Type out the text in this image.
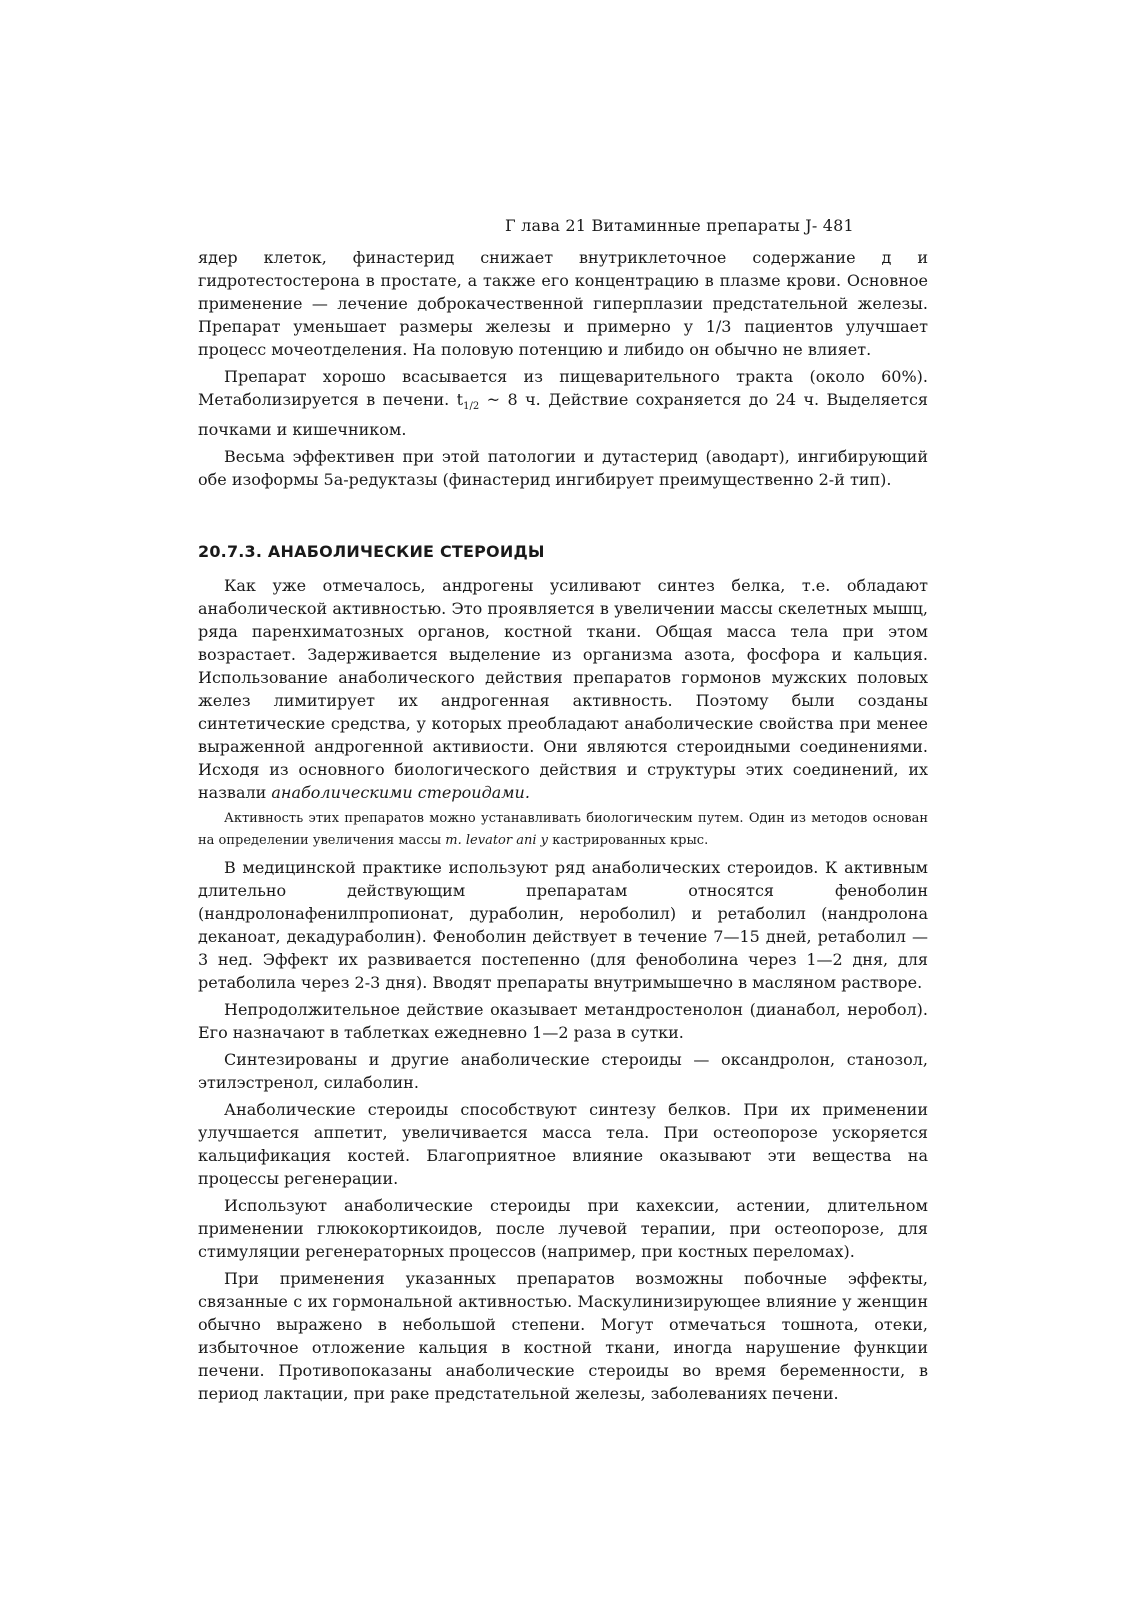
Г лава 21 Витаминные препараты J- 481

ядер клеток, финастерид снижает внутриклеточное содержание д и гидротестостерона в простате, а также его концентрацию в плазме крови. Основное применение — лечение доброкачественной гиперплазии предстательной железы. Препарат уменьшает размеры железы и примерно у 1/3 пациентов улучшает процесс мочеотделения. На половую потенцию и либидо он обычно не влияет.

Препарат хорошо всасывается из пищеварительного тракта (около 60%). Метаболизируется в печени. $t_{1/2}$ ~ 8 ч. Действие сохраняется до 24 ч. Выделяется почками и кишечником.

Весьма эффективен при этой патологии и дутастерид (аводарт), ингибирующий обе изоформы 5а-редуктазы (финастерид ингибирует преимущественно 2-й тип).

20.7.3. АНАБОЛИЧЕСКИЕ СТЕРОИДЫ

Как уже отмечалось, андрогены усиливают синтез белка, т.е. обладают анаболической активностью. Это проявляется в увеличении массы скелетных мышц, ряда паренхиматозных органов, костной ткани. Общая масса тела при этом возрастает. Задерживается выделение из организма азота, фосфора и кальция. Использование анаболического действия препаратов гормонов мужских половых желез лимитирует их андрогенная активность. Поэтому были созданы синтетические средства, у которых преобладают анаболические свойства при менее выраженной андрогенной активиости. Они являются стероидными соединениями. Исходя из основного биологического действия и структуры этих соединений, их назвали анаболическими стероидами.

Активность этих препаратов можно устанавливать биологическим путем. Один из методов основан на определении увеличения массы т. levator ani у кастрированных крыс.

В медицинской практике используют ряд анаболических стероидов. К активным длительно действующим препаратам относятся феноболин (нандролонафенилпропионат, дураболин, нероболил) и ретаболил (нандролона деканоат, декадураболин). Феноболин действует в течение 7—15 дней, ретаболил — 3 нед. Эффект их развивается постепенно (для феноболина через 1—2 дня, для ретаболила через 2-3 дня). Вводят препараты внутримышечно в масляном растворе.

Непродолжительное действие оказывает метандростенолон (дианабол, неробол). Его назначают в таблетках ежедневно 1—2 раза в сутки.

Синтезированы и другие анаболические стероиды — оксандролон, станозол, этилэстренол, силаболин.

Анаболические стероиды способствуют синтезу белков. При их применении улучшается аппетит, увеличивается масса тела. При остеопорозе ускоряется кальцификация костей. Благоприятное влияние оказывают эти вещества на процессы регенерации.

Используют анаболические стероиды при кахексии, астении, длительном применении глюкокортикоидов, после лучевой терапии, при остеопорозе, для стимуляции регенераторных процессов (например, при костных переломах).

При применения указанных препаратов возможны побочные эффекты, связанные с их гормональной активностью. Маскулинизирующее влияние у женщин обычно выражено в небольшой степени. Могут отмечаться тошнота, отеки, избыточное отложение кальция в костной ткани, иногда нарушение функции печени. Противопоказаны анаболические стероиды во время беременности, в период лактации, при раке предстательной железы, заболеваниях печени.
